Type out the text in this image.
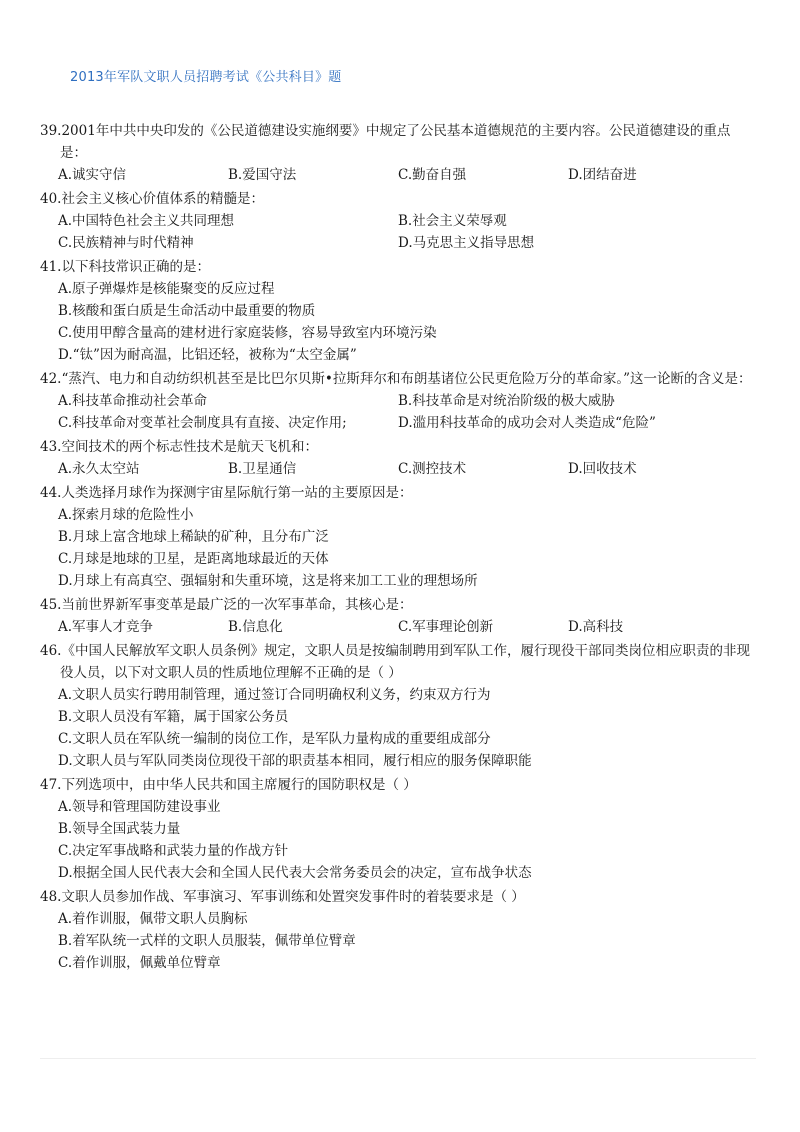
2013年军队文职人员招聘考试《公共科目》题
39.2001年中共中央印发的《公民道德建设实施纲要》中规定了公民基本道德规范的主要内容。公民道德建设的重点是：
A.诚实守信	B.爱国守法	C.勤奋自强	D.团结奋进
40.社会主义核心价值体系的精髓是：
A.中国特色社会主义共同理想	B.社会主义荣辱观
C.民族精神与时代精神	D.马克思主义指导思想
41.以下科技常识正确的是：
A.原子弹爆炸是核能聚变的反应过程
B.核酸和蛋白质是生命活动中最重要的物质
C.使用甲醇含量高的建材进行家庭装修，容易导致室内环境污染
D.“钛”因为耐高温，比铝还轻，被称为“太空金属”
42.“蒸汽、电力和自动纺织机甚至是比巴尔贝斯•拉斯拜尔和布朗基诸位公民更危险万分的革命家。”这一论断的含义是：
A.科技革命推动社会革命	B.科技革命是对统治阶级的极大威胁
C.科技革命对变革社会制度具有直接、决定作用;	D.滥用科技革命的成功会对人类造成“危险”
43.空间技术的两个标志性技术是航天飞机和：
A.永久太空站	B.卫星通信	C.测控技术	D.回收技术
44.人类选择月球作为探测宇宙星际航行第一站的主要原因是：
A.探索月球的危险性小
B.月球上富含地球上稀缺的矿种，且分布广泛
C.月球是地球的卫星，是距离地球最近的天体
D.月球上有高真空、强辐射和失重环境，这是将来加工工业的理想场所
45.当前世界新军事变革是最广泛的一次军事革命，其核心是：
A.军事人才竞争	B.信息化	C.军事理论创新	D.高科技
46.《中国人民解放军文职人员条例》规定，文职人员是按编制聘用到军队工作，履行现役干部同类岗位相应职责的非现役人员，以下对文职人员的性质地位理解不正确的是（ ）
A.文职人员实行聘用制管理，通过签订合同明确权利义务，约束双方行为
B.文职人员没有军籍，属于国家公务员
C.文职人员在军队统一编制的岗位工作，是军队力量构成的重要组成部分
D.文职人员与军队同类岗位现役干部的职责基本相同，履行相应的服务保障职能
47.下列选项中，由中华人民共和国主席履行的国防职权是（ ）
A.领导和管理国防建设事业
B.领导全国武装力量
C.决定军事战略和武装力量的作战方针
D.根据全国人民代表大会和全国人民代表大会常务委员会的决定，宣布战争状态
48.文职人员参加作战、军事演习、军事训练和处置突发事件时的着装要求是（ ）
A.着作训服，佩带文职人员胸标
B.着军队统一式样的文职人员服装，佩带单位臂章
C.着作训服，佩戴单位臂章
